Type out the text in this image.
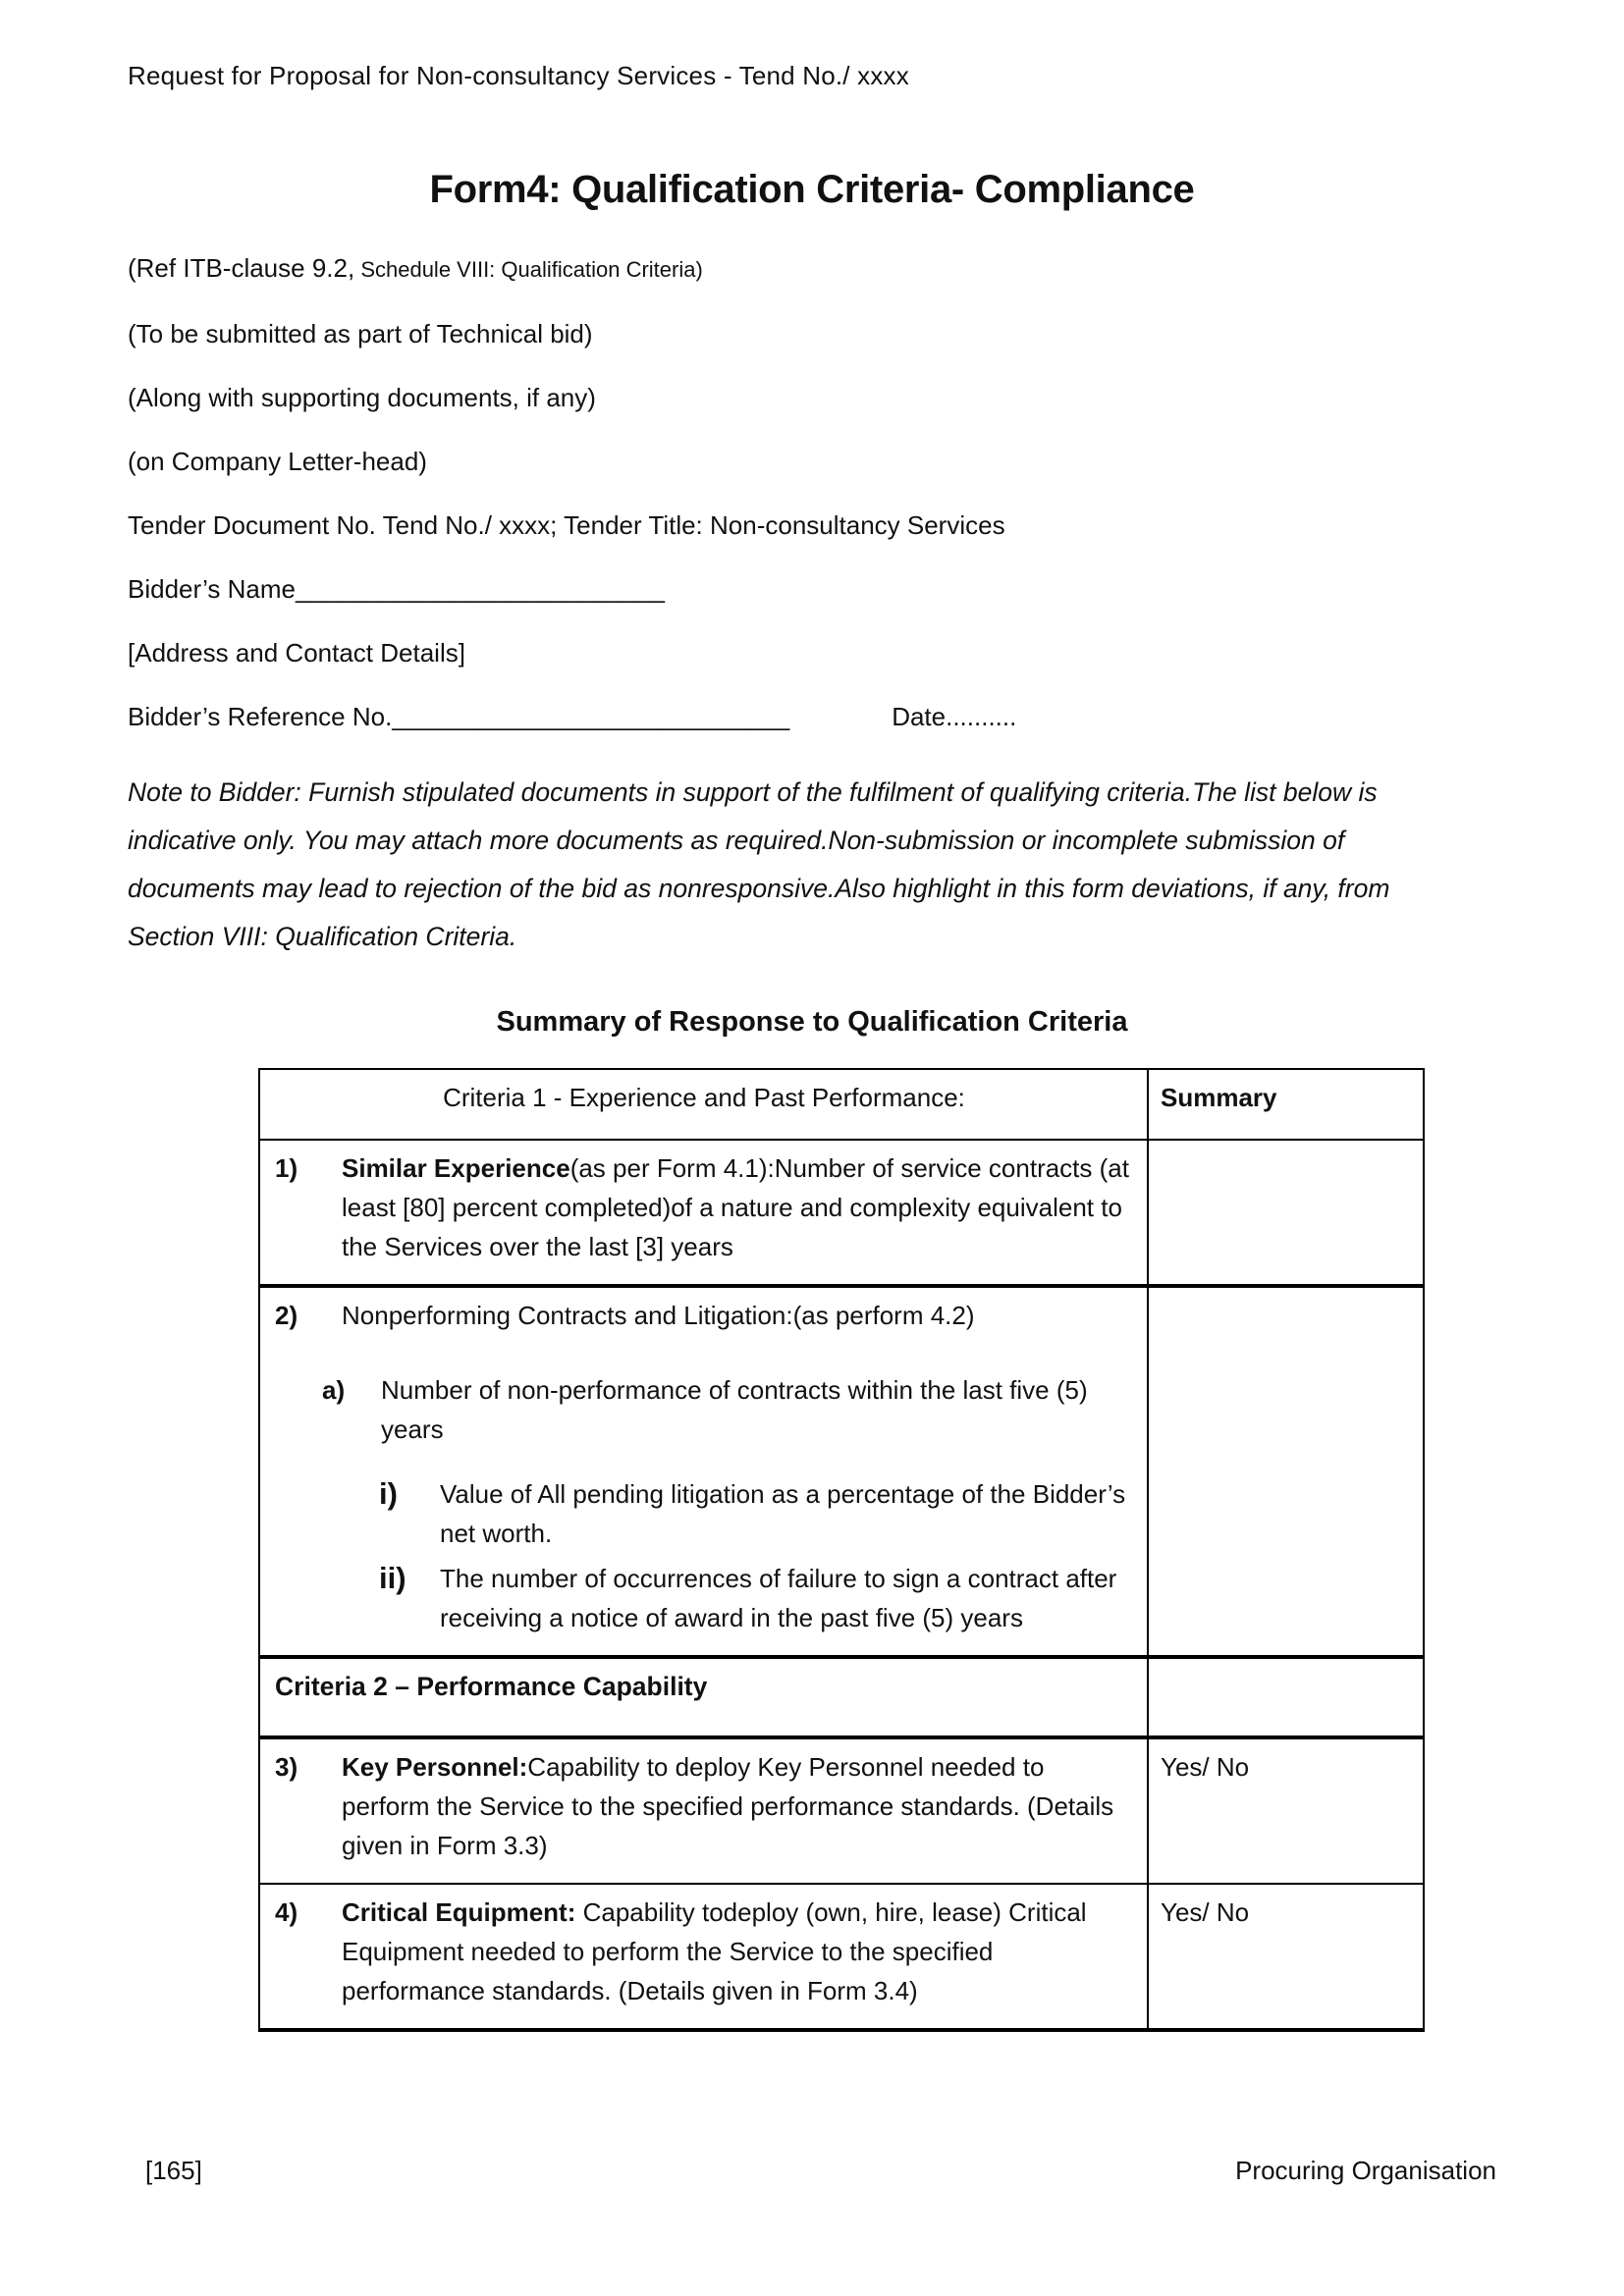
Request for Proposal for Non-consultancy Services - Tend No./ xxxx
Form4: Qualification Criteria- Compliance

(Ref ITB-clause 9.2, Schedule VIII: Qualification Criteria)

(To be submitted as part of Technical bid)

(Along with supporting documents, if any)

(on Company Letter-head)

Tender Document No. Tend No./ xxxx; Tender Title: Non-consultancy Services

Bidder’s Name__________________________

[Address and Contact Details]

Bidder’s Reference No.____________________________	Date..........

Note to Bidder: Furnish stipulated documents in support of the fulfilment of qualifying criteria.The list below is indicative only. You may attach more documents as required.Non-submission or incomplete submission of documents may lead to rejection of the bid as nonresponsive.Also highlight in this form deviations, if any, from Section VIII: Qualification Criteria.

Summary of Response to Qualification Criteria
Criteria 1 - Experience and Past Performance:	Summary

1) Similar Experience(as per Form 4.1):Number of service contracts (at least [80] percent completed)of a nature and complexity equivalent to the Services over the last [3] years	

2)	Nonperforming Contracts and Litigation:(as perform 4.2)
a)	Number of non-performance of contracts within the last five (5) years
i)	Value of All pending litigation as a percentage of the Bidder’s net worth.
ii)	The number of occurrences of failure to sign a contract after receiving a notice of award in the past five (5) years

Criteria 2 – Performance Capability	

3) Key Personnel:Capability to deploy Key Personnel needed to perform the Service to the specified performance standards. (Details given in Form 3.3)	Yes/ No

4) Critical Equipment: Capability todeploy (own, hire, lease) Critical Equipment needed to perform the Service to the specified performance standards. (Details given in Form 3.4)	Yes/ No
[165]	Procuring Organisation
